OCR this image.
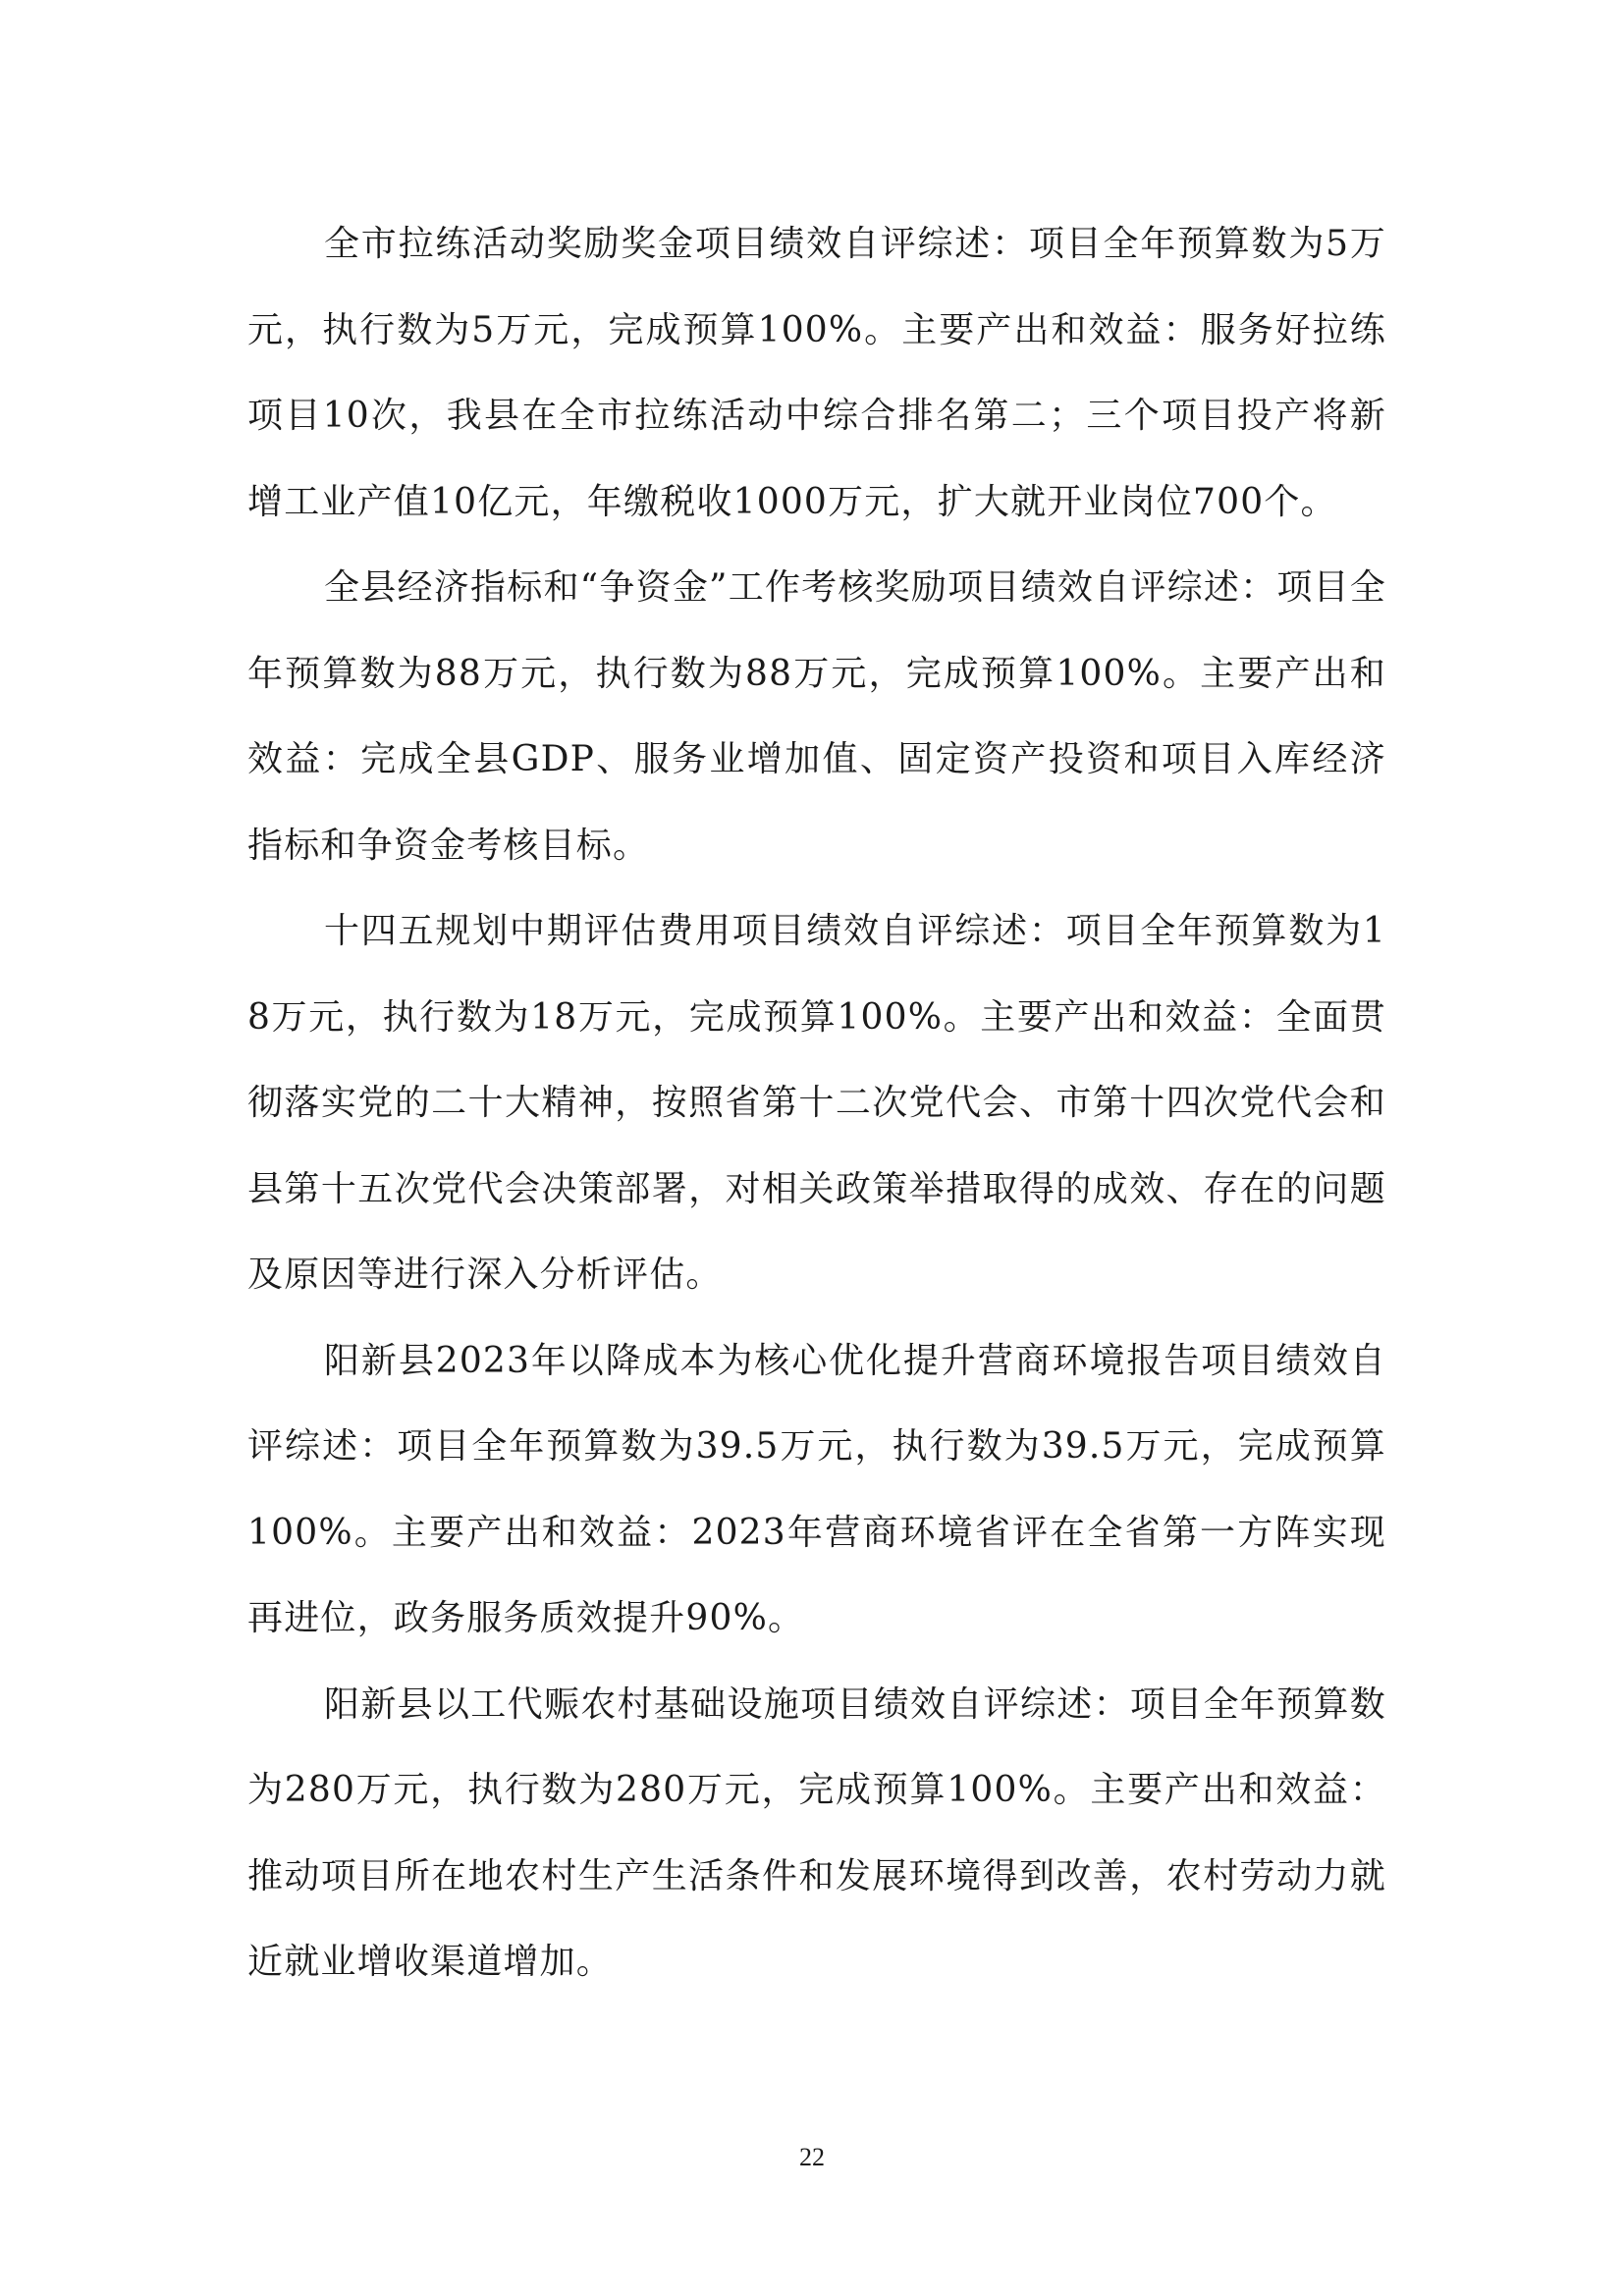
全市拉练活动奖励奖金项目绩效自评综述：项目全年预算数为5万元，执行数为5万元，完成预算100%。主要产出和效益：服务好拉练项目10次，我县在全市拉练活动中综合排名第二；三个项目投产将新增工业产值10亿元，年缴税收1000万元，扩大就开业岗位700个。

全县经济指标和“争资金”工作考核奖励项目绩效自评综述：项目全年预算数为88万元，执行数为88万元，完成预算100%。主要产出和效益：完成全县GDP、服务业增加值、固定资产投资和项目入库经济指标和争资金考核目标。

十四五规划中期评估费用项目绩效自评综述：项目全年预算数为18万元，执行数为18万元，完成预算100%。主要产出和效益：全面贯彻落实党的二十大精神，按照省第十二次党代会、市第十四次党代会和县第十五次党代会决策部署，对相关政策举措取得的成效、存在的问题及原因等进行深入分析评估。

阳新县2023年以降成本为核心优化提升营商环境报告项目绩效自评综述：项目全年预算数为39.5万元，执行数为39.5万元，完成预算100%。主要产出和效益：2023年营商环境省评在全省第一方阵实现再进位，政务服务质效提升90%。

阳新县以工代赈农村基础设施项目绩效自评综述：项目全年预算数为280万元，执行数为280万元，完成预算100%。主要产出和效益：推动项目所在地农村生产生活条件和发展环境得到改善，农村劳动力就近就业增收渠道增加。

22
